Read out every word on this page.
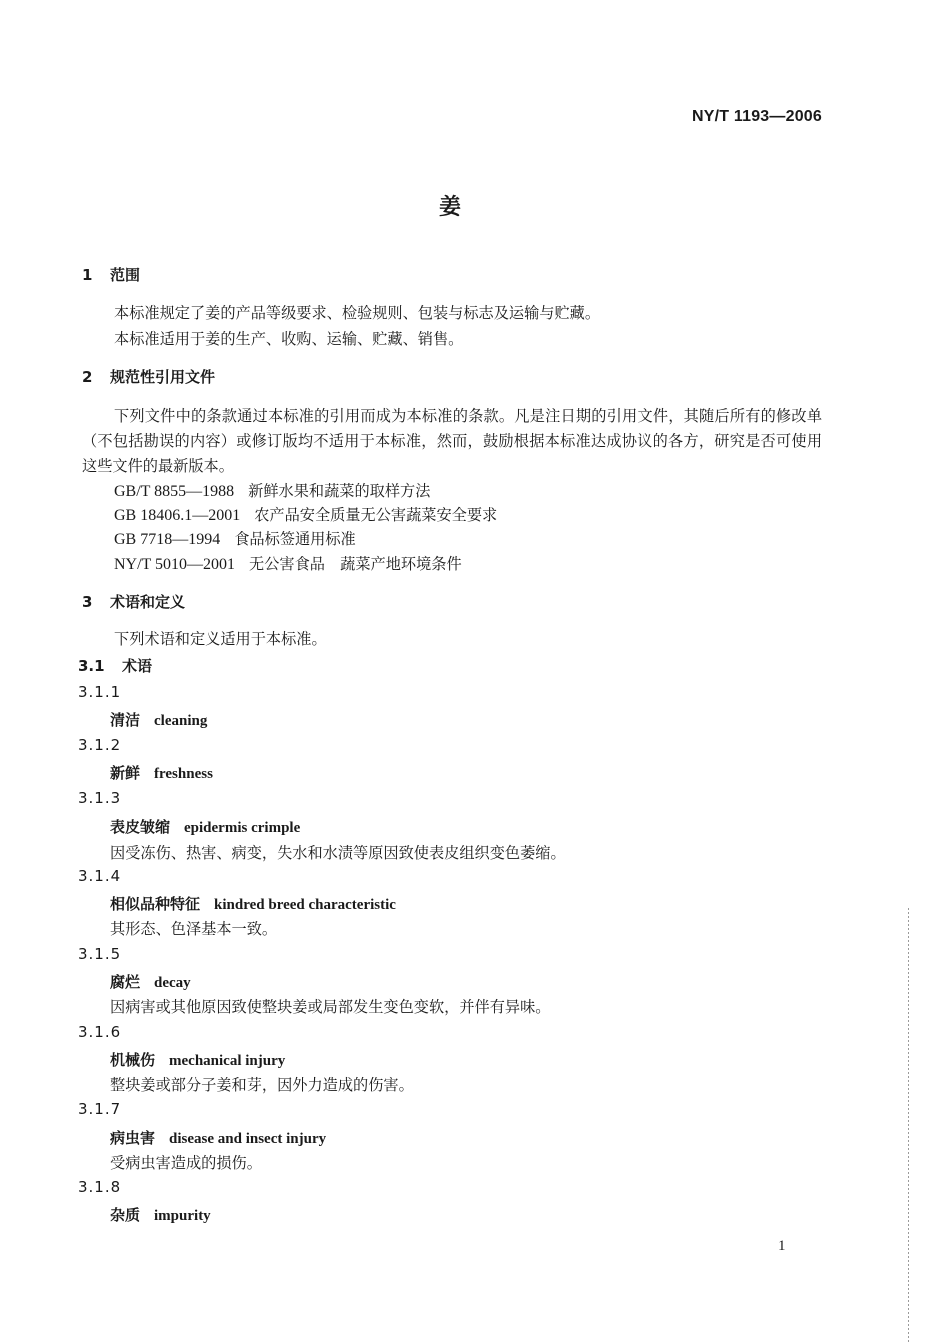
NY/T 1193—2006
姜
1 范围
本标准规定了姜的产品等级要求、检验规则、包装与标志及运输与贮藏。
本标准适用于姜的生产、收购、运输、贮藏、销售。
2 规范性引用文件
下列文件中的条款通过本标准的引用而成为本标准的条款。凡是注日期的引用文件，其随后所有的修改单（不包括勘误的内容）或修订版均不适用于本标准，然而，鼓励根据本标准达成协议的各方，研究是否可使用这些文件的最新版本。
GB/T 8855—1988 新鲜水果和蔬菜的取样方法
GB 18406.1—2001 农产品安全质量无公害蔬菜安全要求
GB 7718—1994 食品标签通用标准
NY/T 5010—2001 无公害食品　蔬菜产地环境条件
3 术语和定义
下列术语和定义适用于本标准。
3.1 术语
3.1.1
清洁 cleaning
3.1.2
新鲜 freshness
3.1.3
表皮皱缩 epidermis crimple
因受冻伤、热害、病变，失水和水渍等原因致使表皮组织变色萎缩。
3.1.4
相似品种特征 kindred breed characteristic
其形态、色泽基本一致。
3.1.5
腐烂 decay
因病害或其他原因致使整块姜或局部发生变色变软，并伴有异味。
3.1.6
机械伤 mechanical injury
整块姜或部分子姜和芽，因外力造成的伤害。
3.1.7
病虫害 disease and insect injury
受病虫害造成的损伤。
3.1.8
杂质 impurity
1
